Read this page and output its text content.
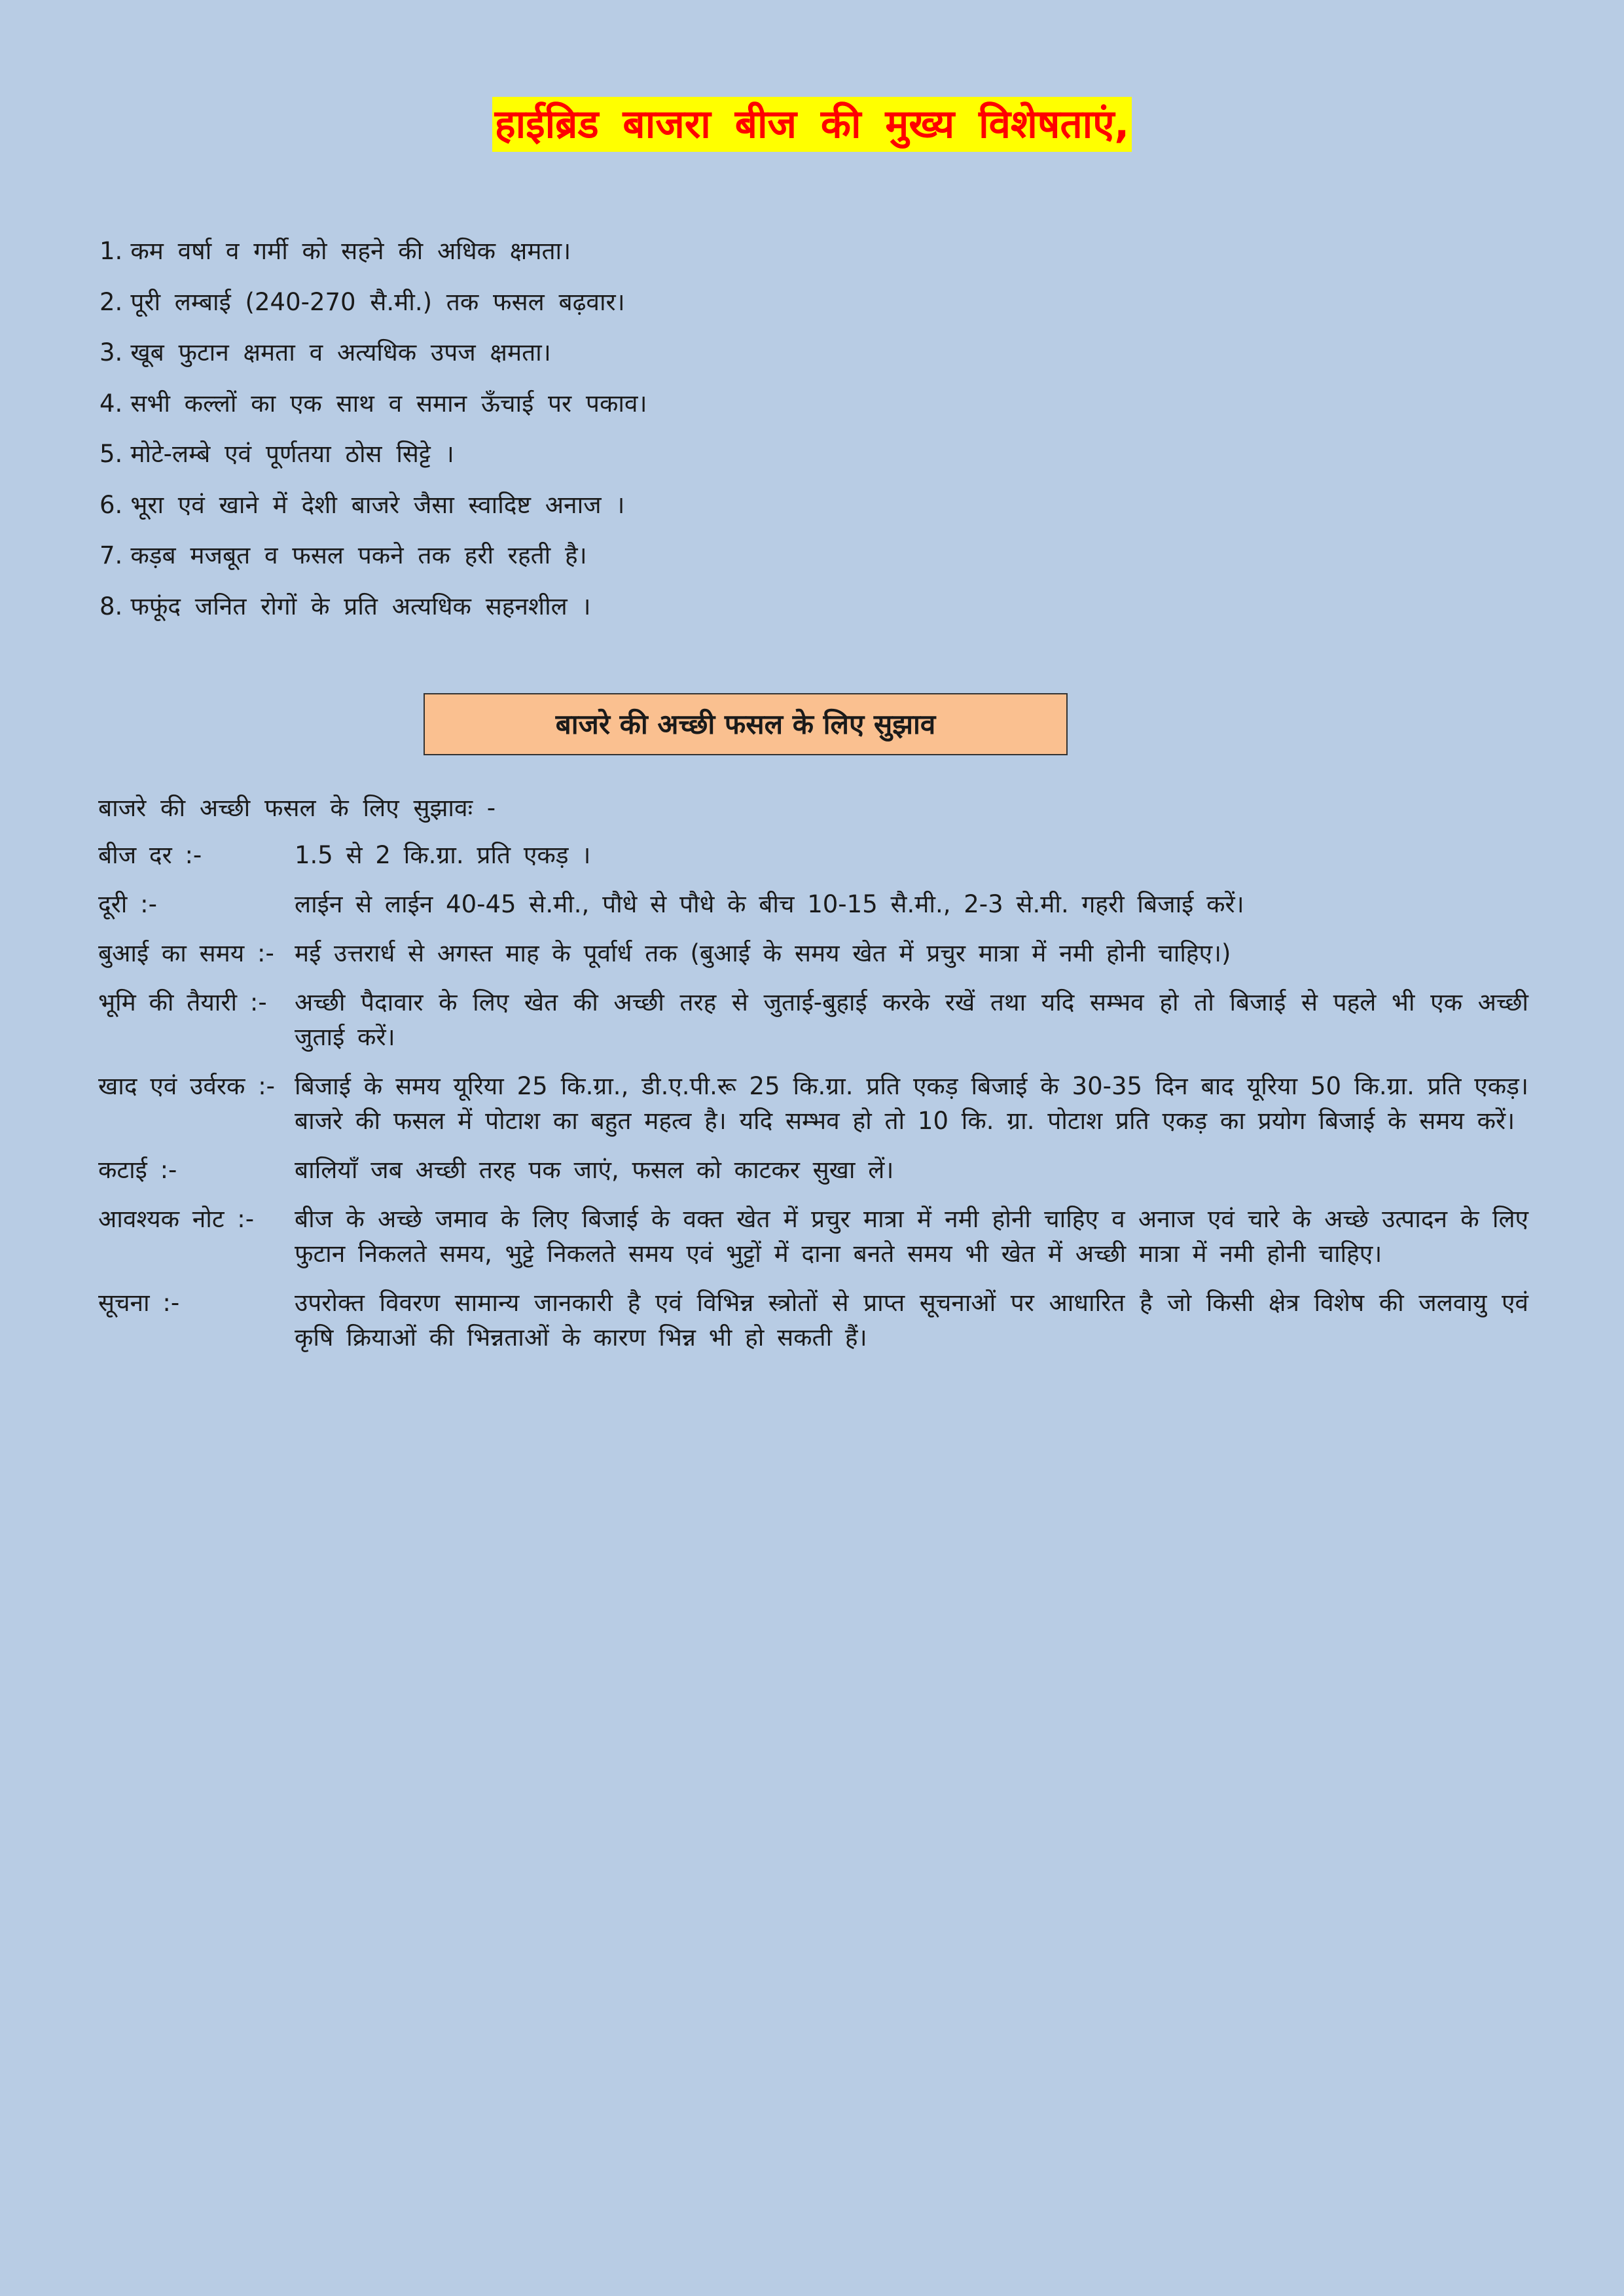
हाईब्रिड बाजरा बीज की मुख्य विशेषताएं,
1. कम वर्षा व गर्मी को सहने की अधिक क्षमता।
2. पूरी लम्बाई (240-270 सै.मी.) तक फसल बढ़वार।
3. खूब फुटान क्षमता व अत्यधिक उपज क्षमता।
4. सभी कल्लों का एक साथ व समान ऊँचाई पर पकाव।
5. मोटे-लम्बे एवं पूर्णतया ठोस सिट्टे ।
6. भूरा एवं खाने में देशी बाजरे जैसा स्वादिष्ट अनाज ।
7. कड़ब मजबूत व फसल पकने तक हरी रहती है।
8. फफूंद जनित रोगों के प्रति अत्यधिक सहनशील ।
बाजरे की अच्छी फसल के लिए सुझाव
बाजरे की अच्छी फसल के लिए सुझावः -
बीज दर :-	1.5 से 2 कि.ग्रा. प्रति एकड़ ।
दूरी :-	लाईन से लाईन 40-45 से.मी., पौधे से पौधे के बीच 10-15 सै.मी., 2-3 से.मी. गहरी बिजाई करें।
बुआई का समय :- मई उत्तरार्ध से अगस्त माह के पूर्वार्ध तक (बुआई के समय खेत में प्रचुर मात्रा में नमी होनी चाहिए।)
भूमि की तैयारी :-	अच्छी पैदावार के लिए खेत की अच्छी तरह से जुताई-बुहाई करके रखें तथा यदि सम्भव हो तो बिजाई से पहले भी एक अच्छी जुताई करें।
खाद एवं उर्वरक :- बिजाई के समय यूरिया 25 कि.ग्रा., डी.ए.पी.रू 25 कि.ग्रा. प्रति एकड़ बिजाई के 30-35 दिन बाद यूरिया 50 कि.ग्रा. प्रति एकड़। बाजरे की फसल में पोटाश का बहुत महत्व है। यदि सम्भव हो तो 10 कि. ग्रा. पोटाश प्रति एकड़ का प्रयोग बिजाई के समय करें।
कटाई :-	बालियाँ जब अच्छी तरह पक जाएं, फसल को काटकर सुखा लें।
आवश्यक नोट :-	बीज के अच्छे जमाव के लिए बिजाई के वक्त खेत में प्रचुर मात्रा में नमी होनी चाहिए व अनाज एवं चारे के अच्छे उत्पादन के लिए फुटान निकलते समय, भुट्टे निकलते समय एवं भुट्टों में दाना बनते समय भी खेत में अच्छी मात्रा में नमी होनी चाहिए।
सूचना :-	उपरोक्त विवरण सामान्य जानकारी है एवं विभिन्न स्त्रोतों से प्राप्त सूचनाओं पर आधारित है जो किसी क्षेत्र विशेष की जलवायु एवं कृषि क्रियाओं की भिन्नताओं के कारण भिन्न भी हो सकती हैं।
